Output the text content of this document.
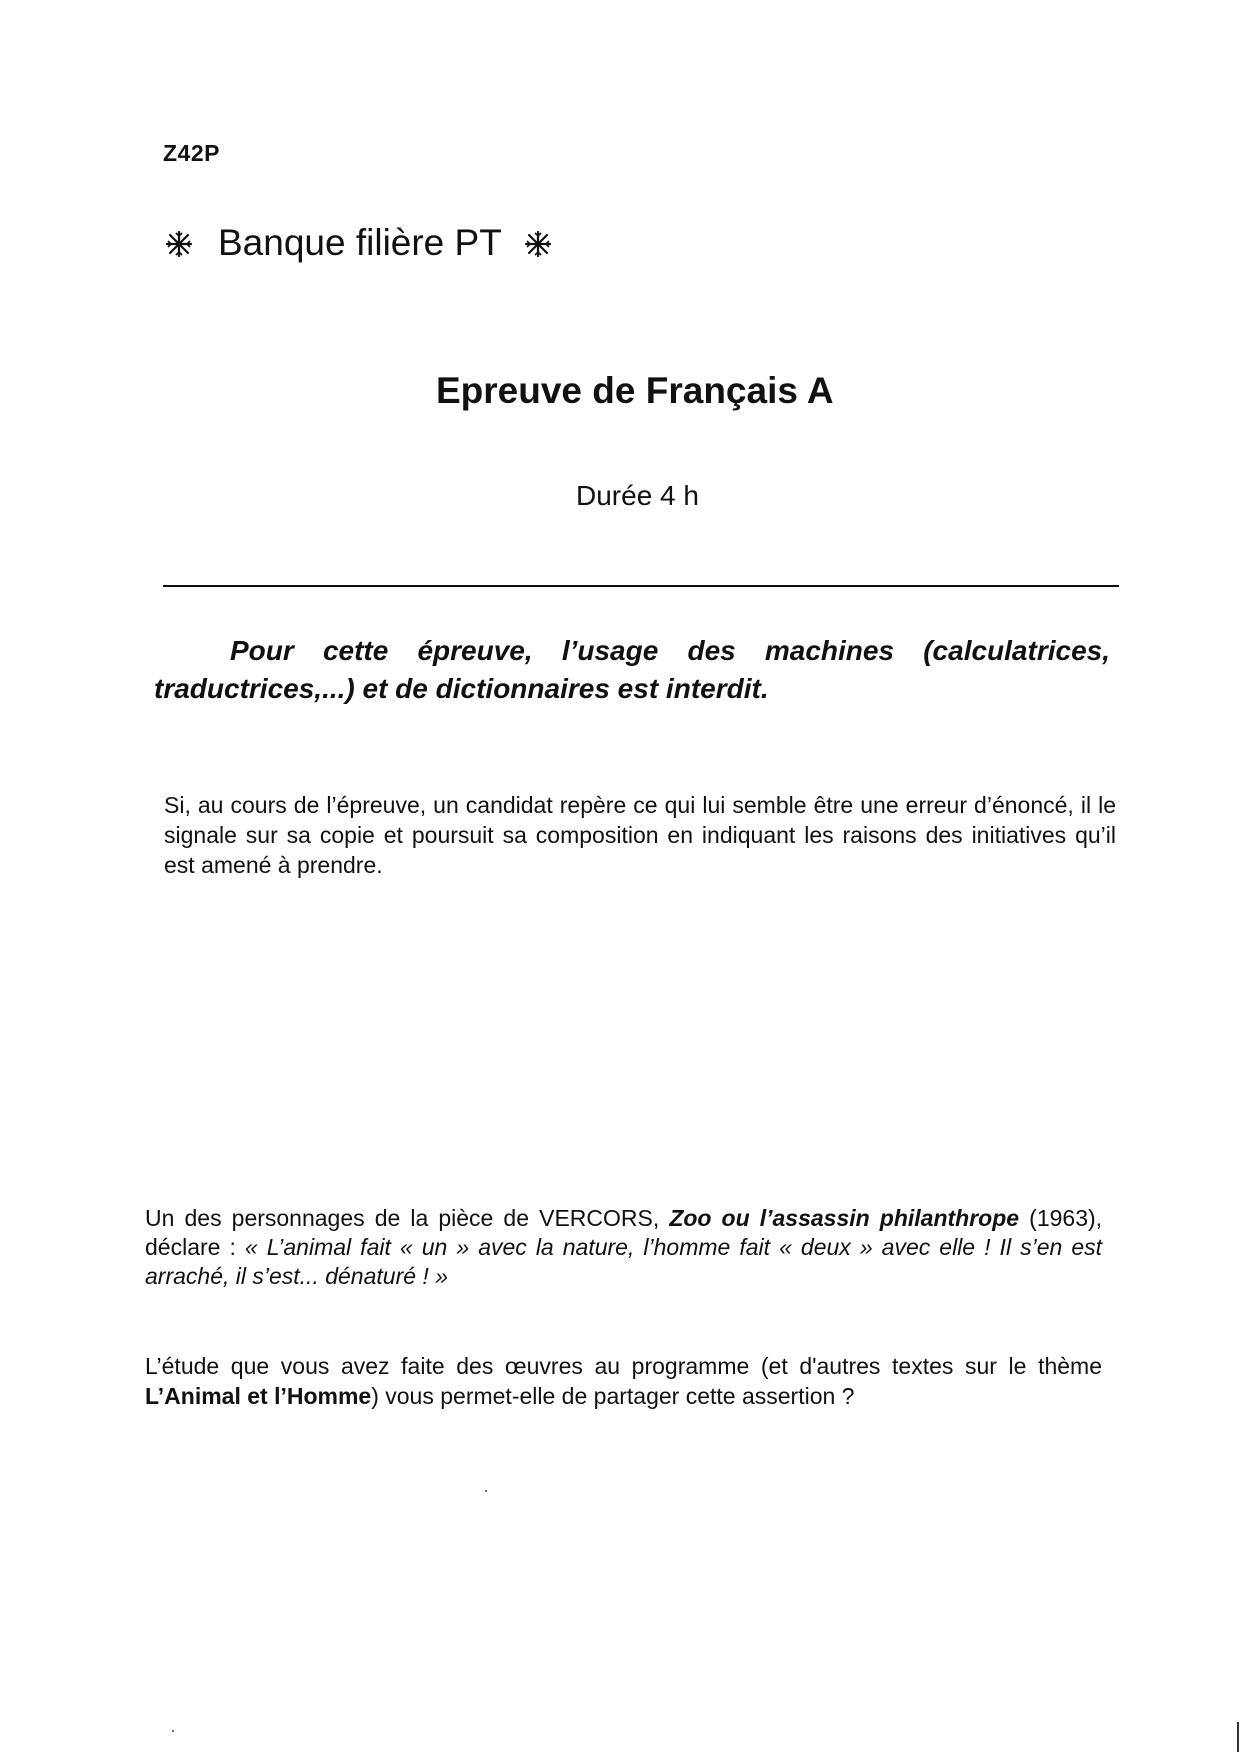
Z42P
Banque filière PT
Epreuve de Français A
Durée 4 h
Pour cette épreuve, l’usage des machines (calculatrices, traductrices,...) et de dictionnaires est interdit.
Si, au cours de l’épreuve, un candidat repère ce qui lui semble être une erreur d’énoncé, il le signale sur sa copie et poursuit sa composition en indiquant les raisons des initiatives qu’il est amené à prendre.
Un des personnages de la pièce de VERCORS, Zoo ou l’assassin philanthrope (1963), déclare : « L’animal fait « un » avec la nature, l’homme fait « deux » avec elle ! Il s’en est arraché, il s’est... dénaturé ! »
L’étude que vous avez faite des œuvres au programme (et d'autres textes sur le thème L’Animal et l’Homme) vous permet-elle de partager cette assertion ?
